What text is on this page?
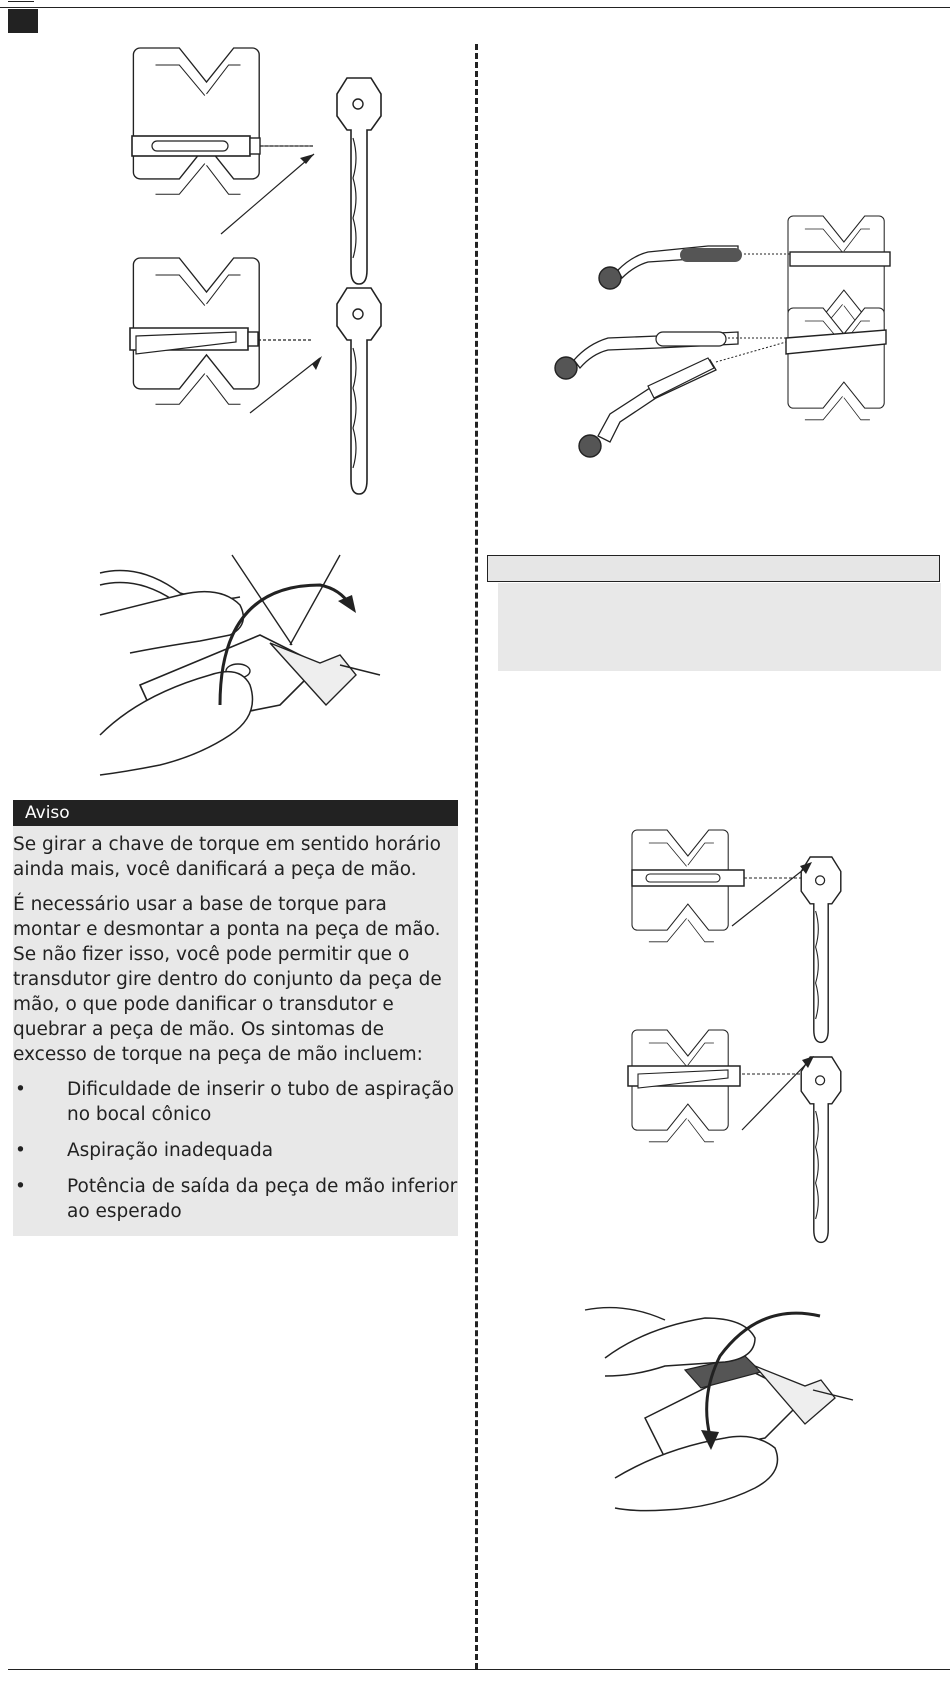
Aviso

Se girar a chave de torque em sentido horário ainda mais, você danificará a peça de mão.

É necessário usar a base de torque para montar e desmontar a ponta na peça de mão. Se não fizer isso, você pode permitir que o transdutor gire dentro do conjunto da peça de mão, o que pode danificar o transdutor e quebrar a peça de mão. Os sintomas de excesso de torque na peça de mão incluem:

• Dificuldade de inserir o tubo de aspiração no bocal cônico
• Aspiração inadequada
• Potência de saída da peça de mão inferior ao esperado
